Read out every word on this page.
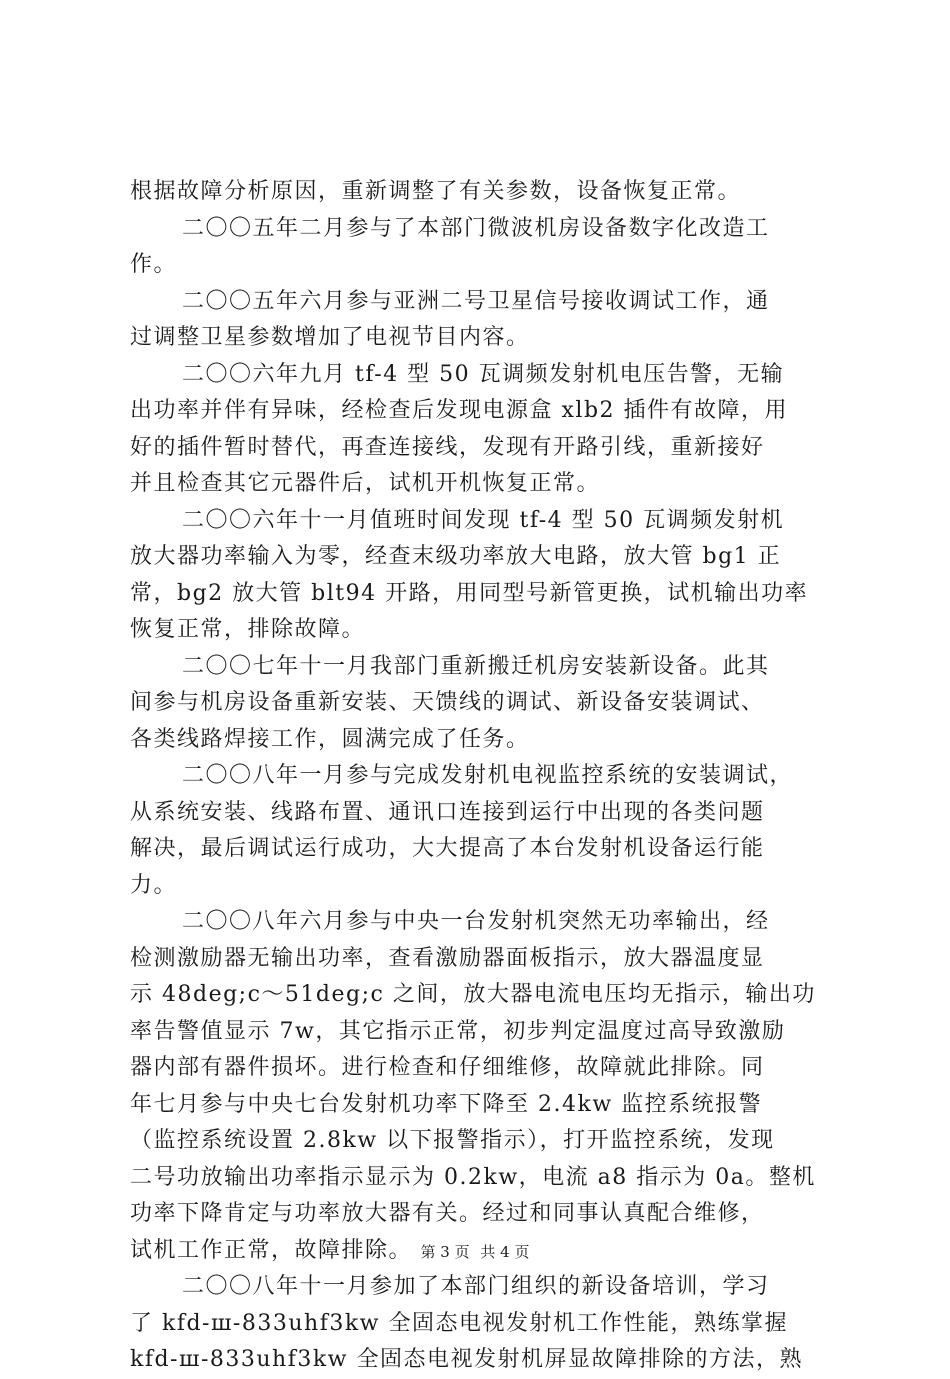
根据故障分析原因，重新调整了有关参数，设备恢复正常。
二〇〇五年二月参与了本部门微波机房设备数字化改造工
作。
二〇〇五年六月参与亚洲二号卫星信号接收调试工作，通
过调整卫星参数增加了电视节目内容。
二〇〇六年九月 tf-4 型 50 瓦调频发射机电压告警，无输
出功率并伴有异味，经检查后发现电源盒 xlb2 插件有故障，用
好的插件暂时替代，再查连接线，发现有开路引线，重新接好
并且检查其它元器件后，试机开机恢复正常。
二〇〇六年十一月值班时间发现 tf-4 型 50 瓦调频发射机
放大器功率输入为零，经查末级功率放大电路，放大管 bg1 正
常，bg2 放大管 blt94 开路，用同型号新管更换，试机输出功率
恢复正常，排除故障。
二〇〇七年十一月我部门重新搬迁机房安装新设备。此其
间参与机房设备重新安装、天馈线的调试、新设备安装调试、
各类线路焊接工作，圆满完成了任务。
二〇〇八年一月参与完成发射机电视监控系统的安装调试，
从系统安装、线路布置、通讯口连接到运行中出现的各类问题
解决，最后调试运行成功，大大提高了本台发射机设备运行能
力。
二〇〇八年六月参与中央一台发射机突然无功率输出，经
检测激励器无输出功率，查看激励器面板指示，放大器温度显
示 48deg;c～51deg;c 之间，放大器电流电压均无指示，输出功
率告警值显示 7w，其它指示正常，初步判定温度过高导致激励
器内部有器件损坏。进行检查和仔细维修，故障就此排除。同
年七月参与中央七台发射机功率下降至 2.4kw 监控系统报警
（监控系统设置 2.8kw 以下报警指示），打开监控系统，发现
二号功放输出功率指示显示为 0.2kw，电流 a8 指示为 0a。整机
功率下降肯定与功率放大器有关。经过和同事认真配合维修，
试机工作正常，故障排除。
二〇〇八年十一月参加了本部门组织的新设备培训，学习
了 kfd-ш-833uhf3kw 全固态电视发射机工作性能，熟练掌握
kfd-ш-833uhf3kw 全固态电视发射机屏显故障排除的方法，熟
第 3 页 共 4 页
